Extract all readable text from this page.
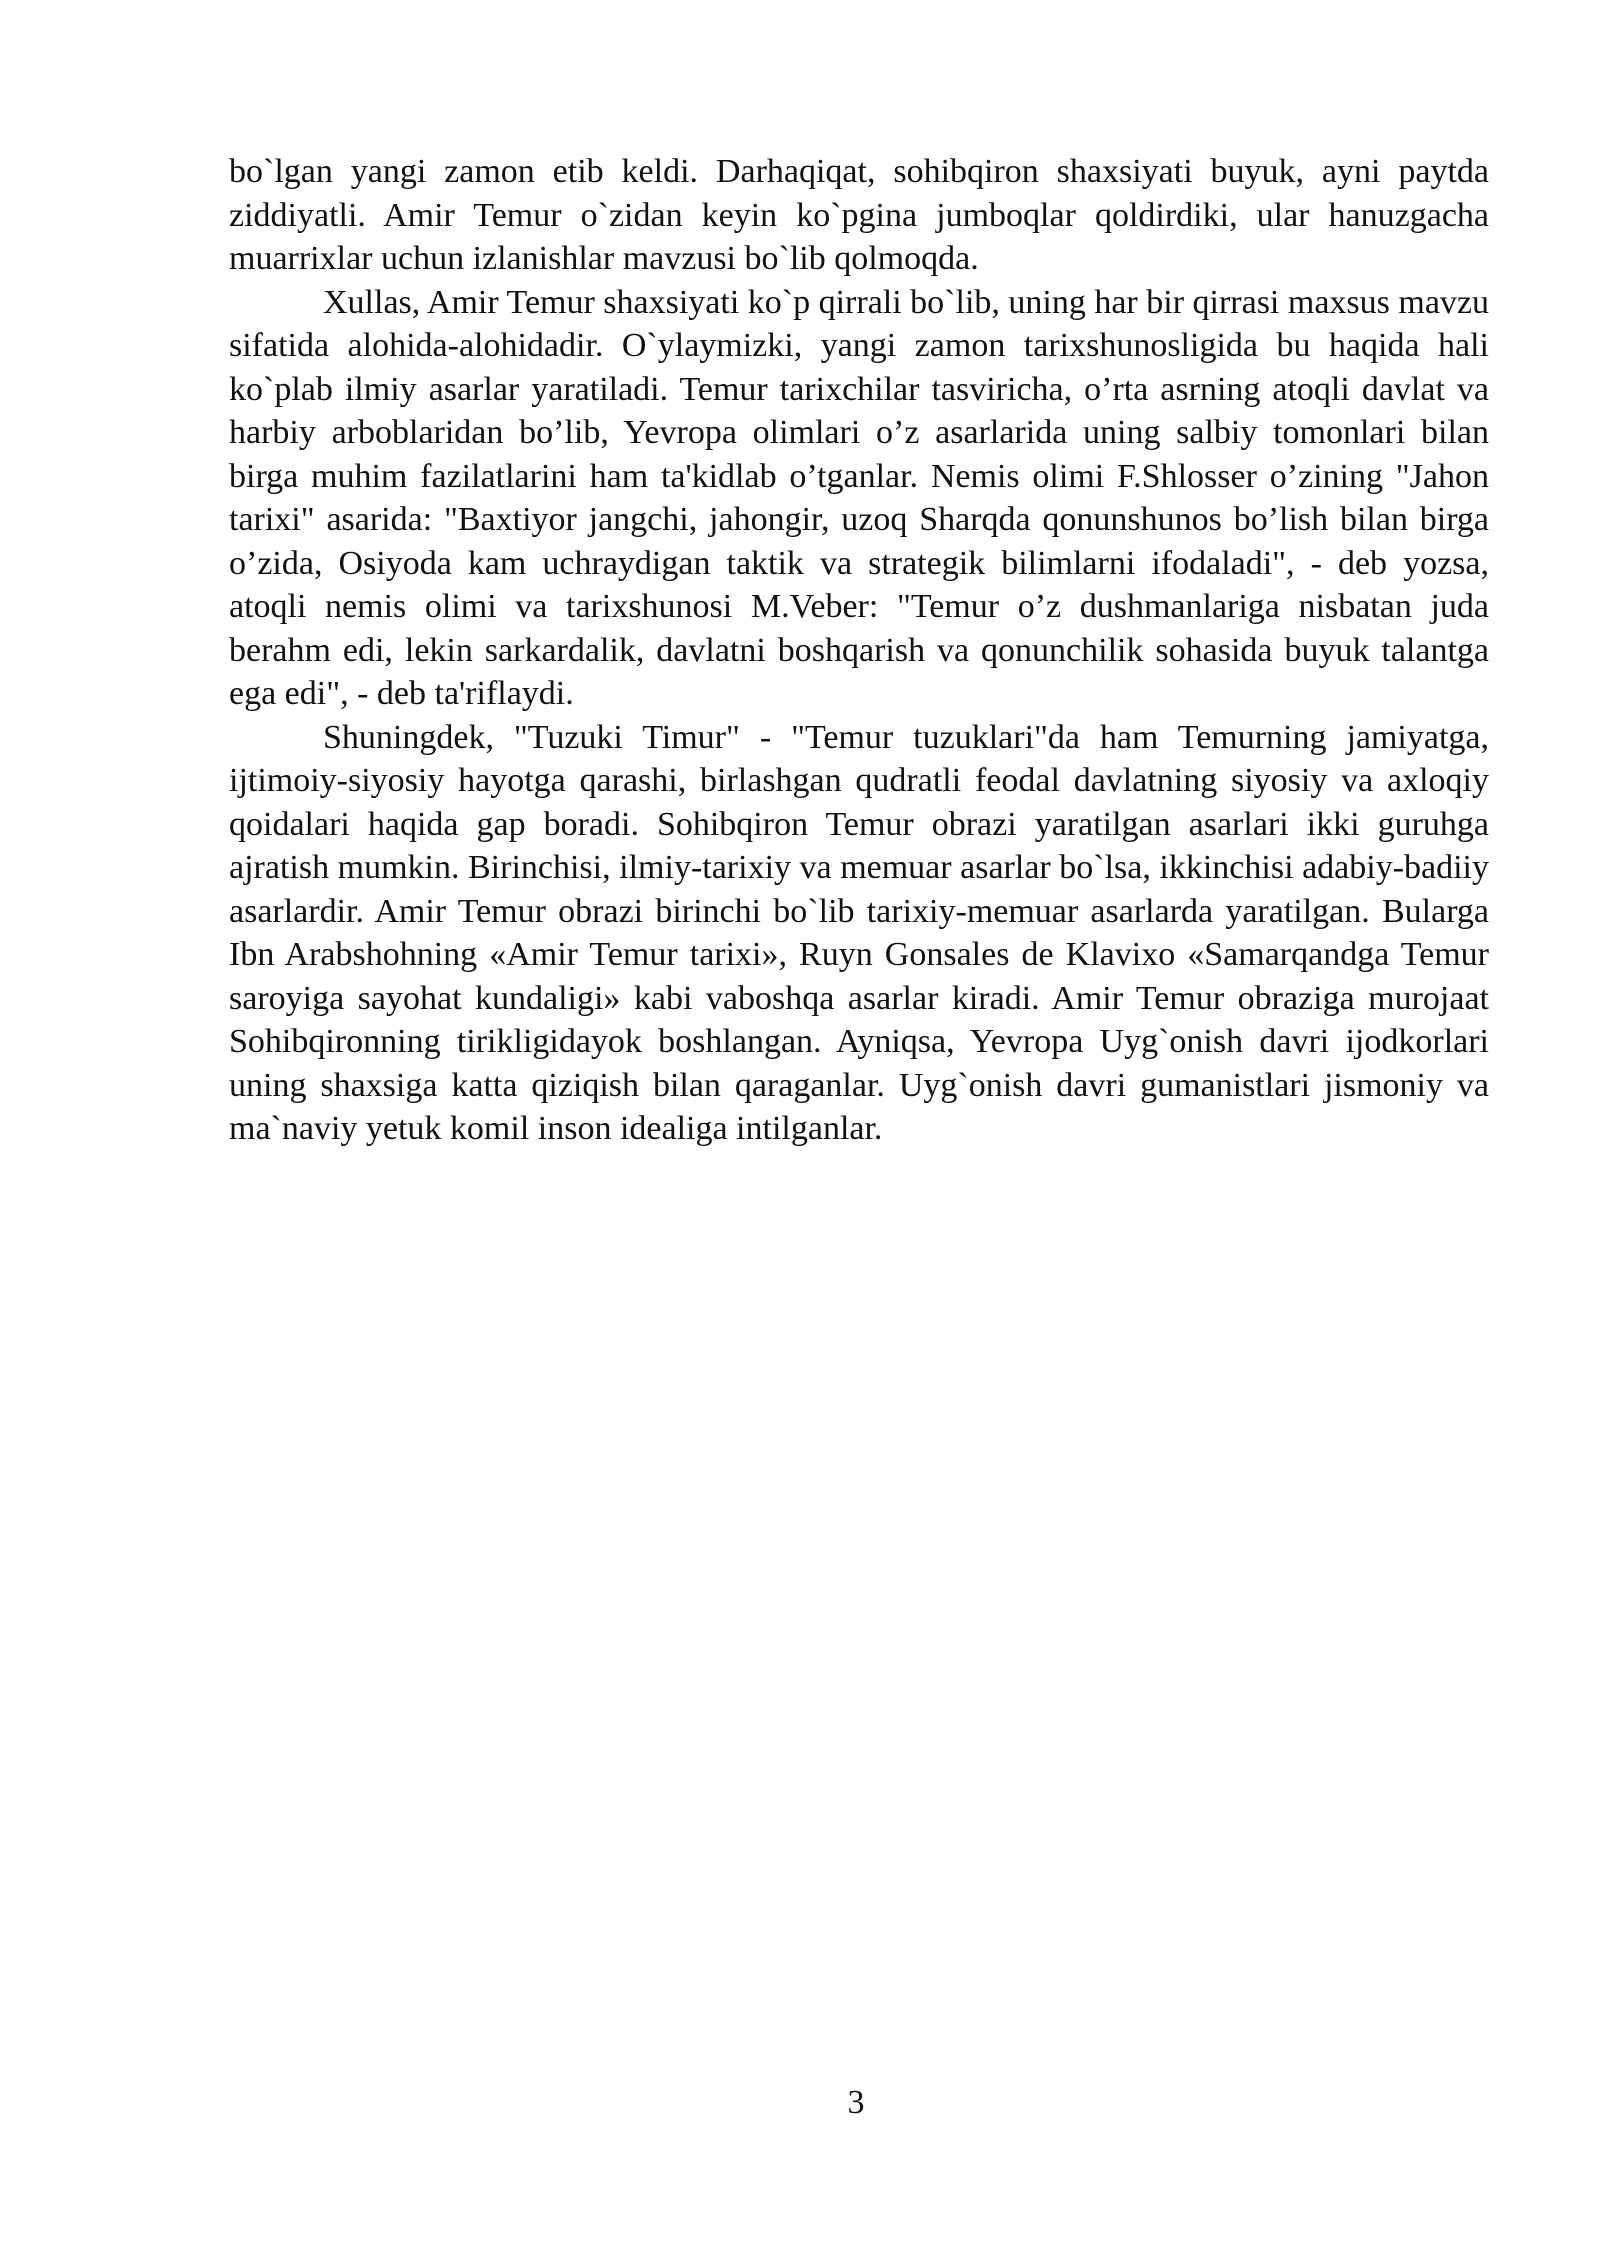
bo`lgan yangi zamon etib keldi. Darhaqiqat, sohibqiron shaxsiyati buyuk, ayni paytda ziddiyatli. Amir Temur o`zidan keyin ko`pgina jumboqlar qoldirdiki, ular hanuzgacha muarrixlar uchun izlanishlar mavzusi bo`lib qolmoqda.

Xullas, Amir Temur shaxsiyati ko`p qirrali bo`lib, uning har bir qirrasi maxsus mavzu sifatida alohida-alohidadir. O`ylaymizki, yangi zamon tarixshunosligida bu haqida hali ko`plab ilmiy asarlar yaratiladi. Temur tarixchilar tasviricha, o’rta asrning atoqli davlat va harbiy arboblaridan bo’lib, Yevropa olimlari o’z asarlarida uning salbiy tomonlari bilan birga muhim fazilatlarini ham ta'kidlab o’tganlar. Nemis olimi F.Shlosser o’zining "Jahon tarixi" asarida: "Baxtiyor jangchi, jahongir, uzoq Sharqda qonunshunos bo’lish bilan birga o’zida, Osiyoda kam uchraydigan taktik va strategik bilimlarni ifodaladi", - deb yozsa, atoqli nemis olimi va tarixshunosi M.Veber: "Temur o’z dushmanlariga nisbatan juda berahm edi, lekin sarkardalik, davlatni boshqarish va qonunchilik sohasida buyuk talantga ega edi", - deb ta'riflaydi.

Shuningdek, "Tuzuki Timur" - "Temur tuzuklari"da ham Temurning jamiyatga, ijtimoiy-siyosiy hayotga qarashi, birlashgan qudratli feodal davlatning siyosiy va axloqiy qoidalari haqida gap boradi. Sohibqiron Temur obrazi yaratilgan asarlari ikki guruhga ajratish mumkin. Birinchisi, ilmiy-tarixiy va memuar asarlar bo`lsa, ikkinchisi adabiy-badiiy asarlardir. Amir Temur obrazi birinchi bo`lib tarixiy-memuar asarlarda yaratilgan. Bularga Ibn Arabshohning «Amir Temur tarixi», Ruyn Gonsales de Klavixo «Samarqandga Temur saroyiga sayohat kundaligi» kabi vaboshqa asarlar kiradi. Amir Temur obraziga murojaat Sohibqironning tirikligidayok boshlangan. Ayniqsa, Yevropa Uyg`onish davri ijodkorlari uning shaxsiga katta qiziqish bilan qaraganlar. Uyg`onish davri gumanistlari jismoniy va ma`naviy yetuk komil inson idealiga intilganlar.

3
